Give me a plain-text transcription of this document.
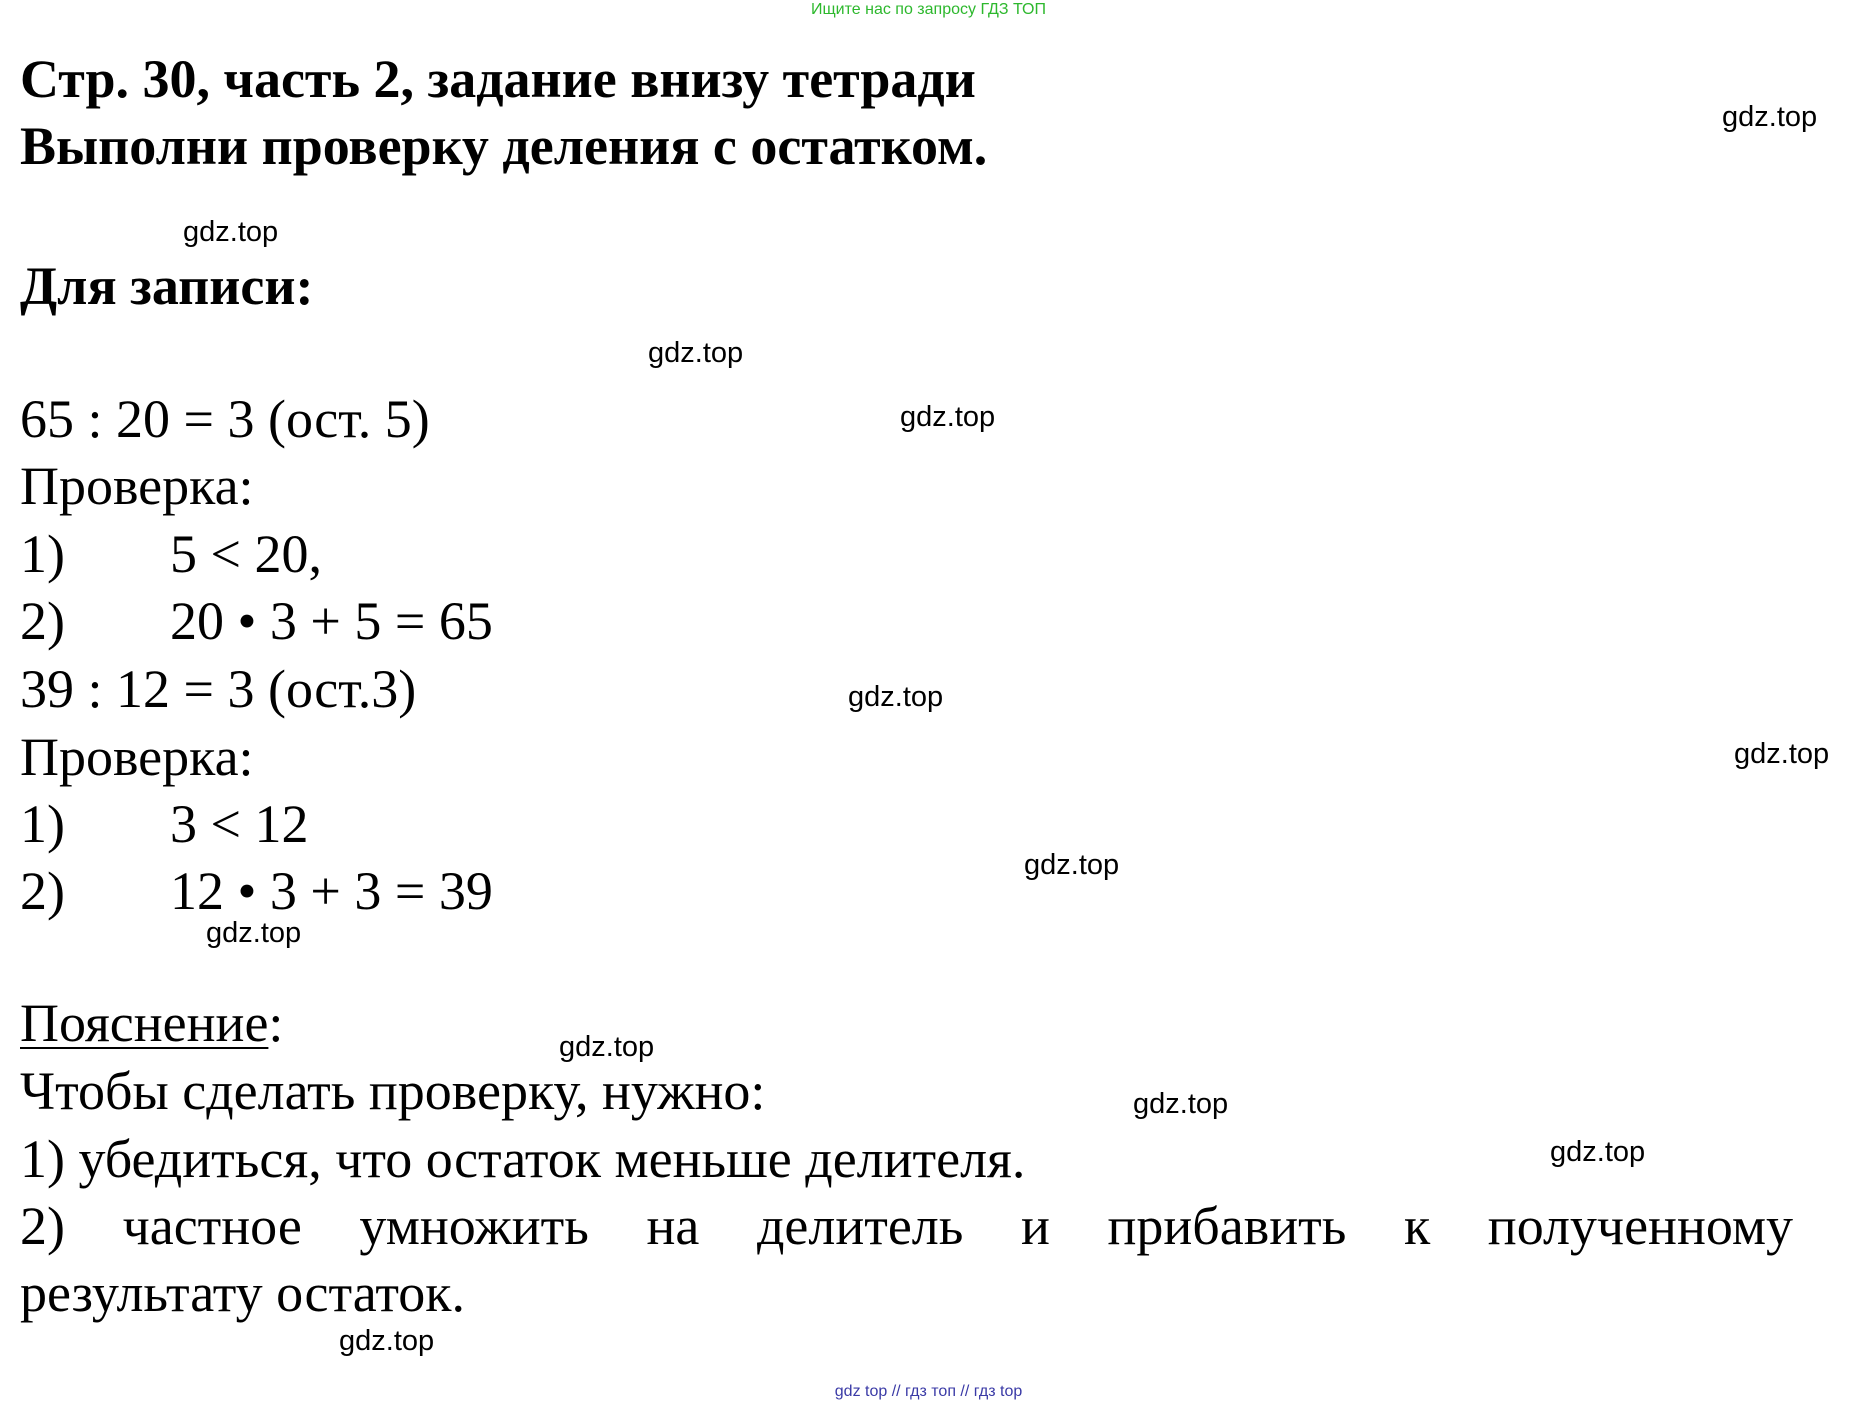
Ищите нас по запросу ГДЗ ТОП
Стр. 30, часть 2, задание внизу тетради
Выполни проверку деления с остатком.
Для записи:
65 : 20 = 3 (ост. 5)
Проверка:
1) 5 < 20,
2) 20 • 3 + 5 = 65
39 : 12 = 3 (ост.3)
Проверка:
1) 3 < 12
2) 12 • 3 + 3 = 39
Пояснение:
Чтобы сделать проверку, нужно:
1) убедиться, что остаток меньше делителя.
2) частное умножить на делитель и прибавить к полученному
результату остаток.
gdz.top
gdz.top
gdz.top
gdz.top
gdz.top
gdz.top
gdz.top
gdz.top
gdz.top
gdz.top
gdz.top
gdz.top
gdz top // гдз топ // гдз top
